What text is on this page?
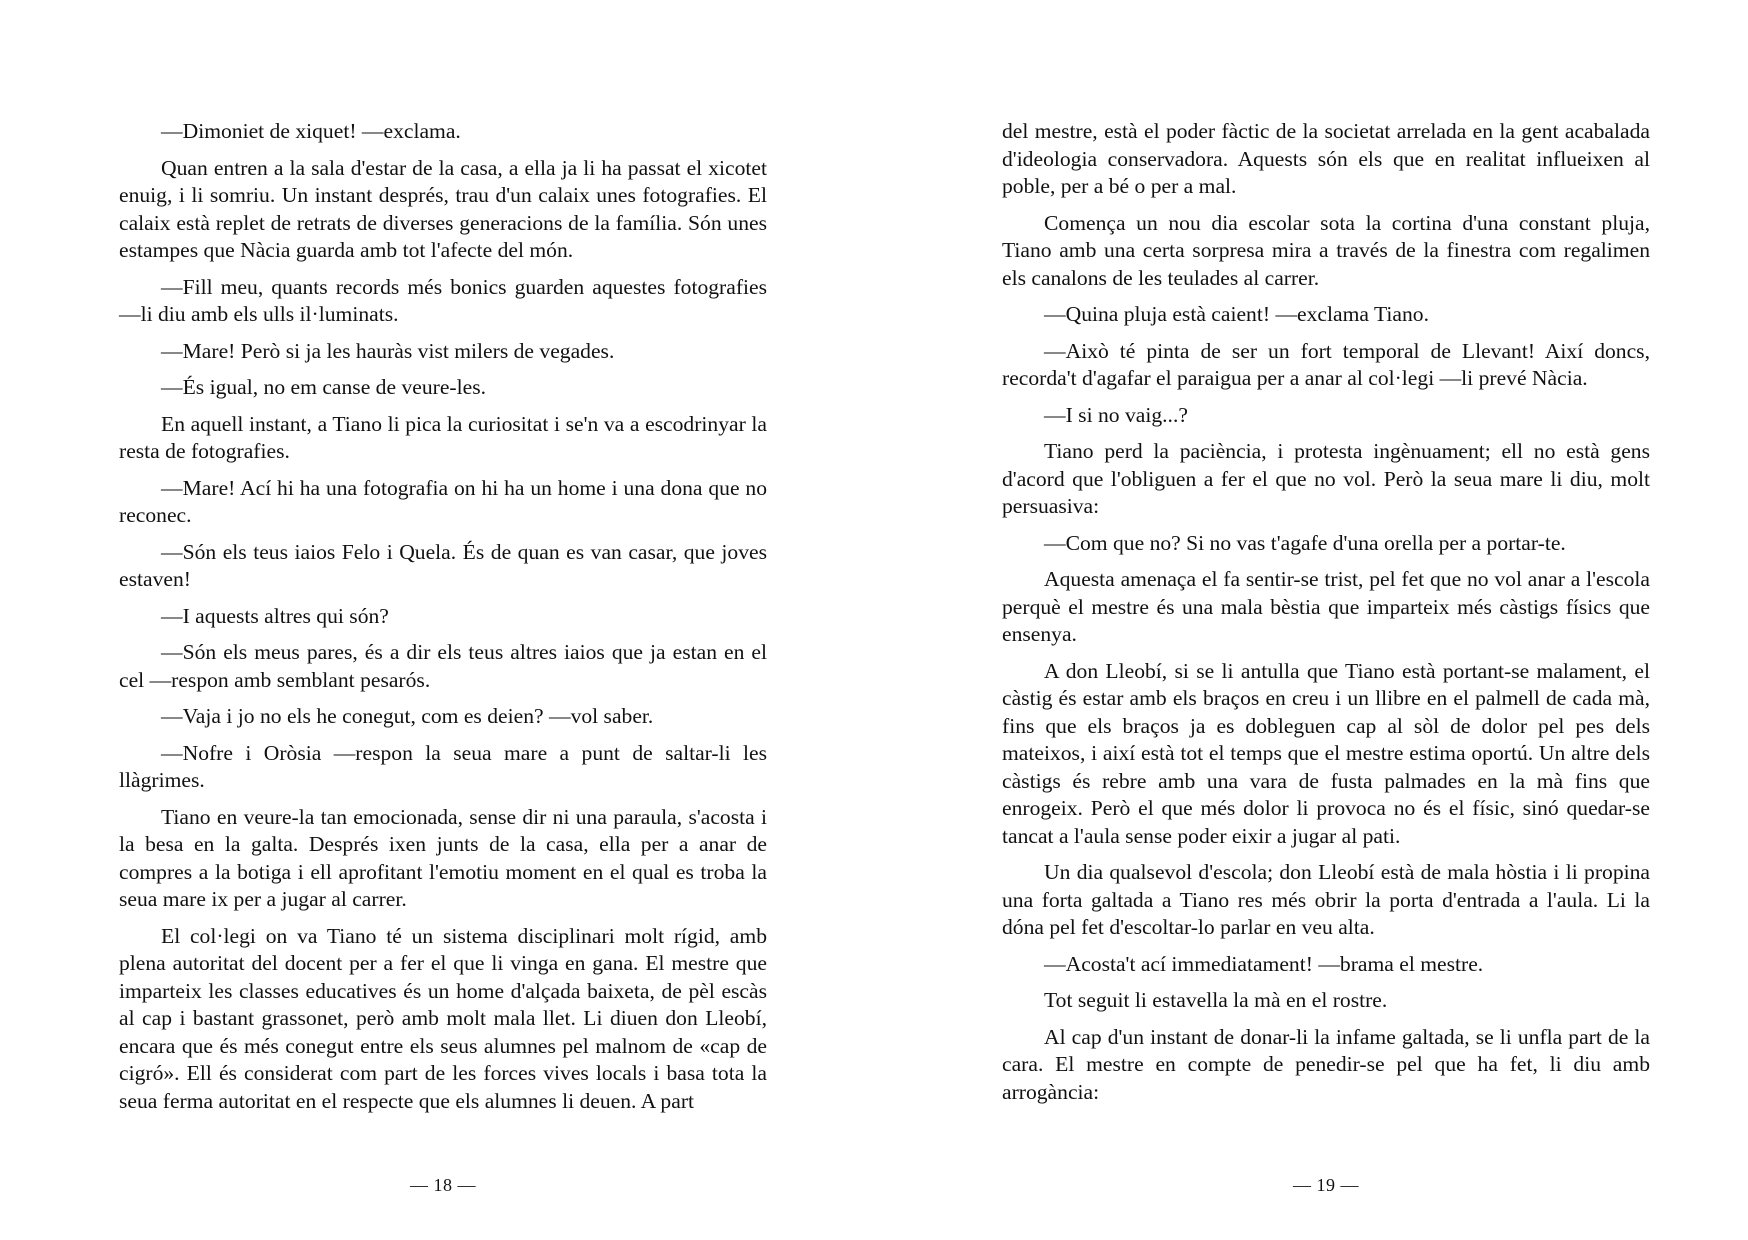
—Dimoniet de xiquet! —exclama.

Quan entren a la sala d'estar de la casa, a ella ja li ha passat el xicotet enuig, i li somriu. Un instant després, trau d'un calaix unes fotografies. El calaix està replet de retrats de diverses generacions de la família. Són unes estampes que Nàcia guarda amb tot l'afecte del món.

—Fill meu, quants records més bonics guarden aquestes fotografies —li diu amb els ulls il·luminats.

—Mare! Però si ja les hauràs vist milers de vegades.

—És igual, no em canse de veure-les.

En aquell instant, a Tiano li pica la curiositat i se'n va a escodrinyar la resta de fotografies.

—Mare! Ací hi ha una fotografia on hi ha un home i una dona que no reconec.

—Són els teus iaios Felo i Quela. És de quan es van casar, que joves estaven!

—I aquests altres qui són?

—Són els meus pares, és a dir els teus altres iaios que ja estan en el cel —respon amb semblant pesarós.

—Vaja i jo no els he conegut, com es deien? —vol saber.

—Nofre i Oròsia —respon la seua mare a punt de saltar-li les llàgrimes.

Tiano en veure-la tan emocionada, sense dir ni una paraula, s'acosta i la besa en la galta. Després ixen junts de la casa, ella per a anar de compres a la botiga i ell aprofitant l'emotiu moment en el qual es troba la seua mare ix per a jugar al carrer.

El col·legi on va Tiano té un sistema disciplinari molt rígid, amb plena autoritat del docent per a fer el que li vinga en gana. El mestre que imparteix les classes educatives és un home d'alçada baixeta, de pèl escàs al cap i bastant grassonet, però amb molt mala llet. Li diuen don Lleobí, encara que és més conegut entre els seus alumnes pel malnom de «cap de cigró». Ell és considerat com part de les forces vives locals i basa tota la seua ferma autoritat en el respecte que els alumnes li deuen. A part

del mestre, està el poder fàctic de la societat arrelada en la gent acabalada d'ideologia conservadora. Aquests són els que en realitat influeixen al poble, per a bé o per a mal.

Comença un nou dia escolar sota la cortina d'una constant pluja, Tiano amb una certa sorpresa mira a través de la finestra com regalimen els canalons de les teulades al carrer.

—Quina pluja està caient! —exclama Tiano.

—Això té pinta de ser un fort temporal de Llevant! Així doncs, recorda't d'agafar el paraigua per a anar al col·legi —li prevé Nàcia.

—I si no vaig...?

Tiano perd la paciència, i protesta ingènuament; ell no està gens d'acord que l'obliguen a fer el que no vol. Però la seua mare li diu, molt persuasiva:

—Com que no? Si no vas t'agafe d'una orella per a portar-te.

Aquesta amenaça el fa sentir-se trist, pel fet que no vol anar a l'escola perquè el mestre és una mala bèstia que imparteix més càstigs físics que ensenya.

A don Lleobí, si se li antulla que Tiano està portant-se malament, el càstig és estar amb els braços en creu i un llibre en el palmell de cada mà, fins que els braços ja es dobleguen cap al sòl de dolor pel pes dels mateixos, i així està tot el temps que el mestre estima oportú. Un altre dels càstigs és rebre amb una vara de fusta palmades en la mà fins que enrogeix. Però el que més dolor li provoca no és el físic, sinó quedar-se tancat a l'aula sense poder eixir a jugar al pati.

Un dia qualsevol d'escola; don Lleobí està de mala hòstia i li propina una forta galtada a Tiano res més obrir la porta d'entrada a l'aula. Li la dóna pel fet d'escoltar-lo parlar en veu alta.

—Acosta't ací immediatament! —brama el mestre.

Tot seguit li estavella la mà en el rostre.

Al cap d'un instant de donar-li la infame galtada, se li unfla part de la cara. El mestre en compte de penedir-se pel que ha fet, li diu amb arrogància:

— 18 —	— 19 —
